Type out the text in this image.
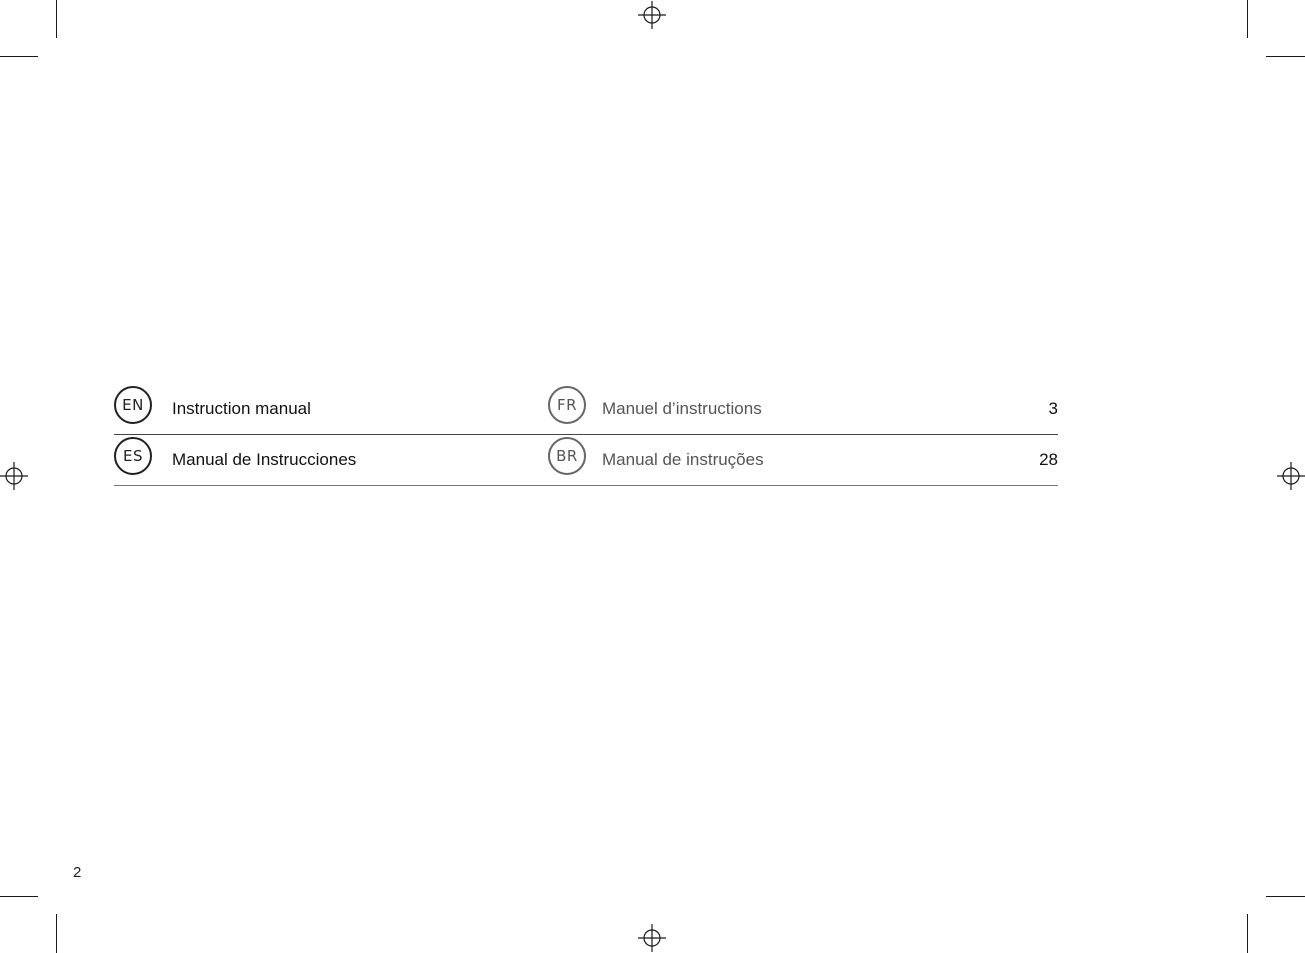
EN Instruction manual	FR Manuel d’instructions	3
ES Manual de Instrucciones	BR Manual de instruções	28
2
